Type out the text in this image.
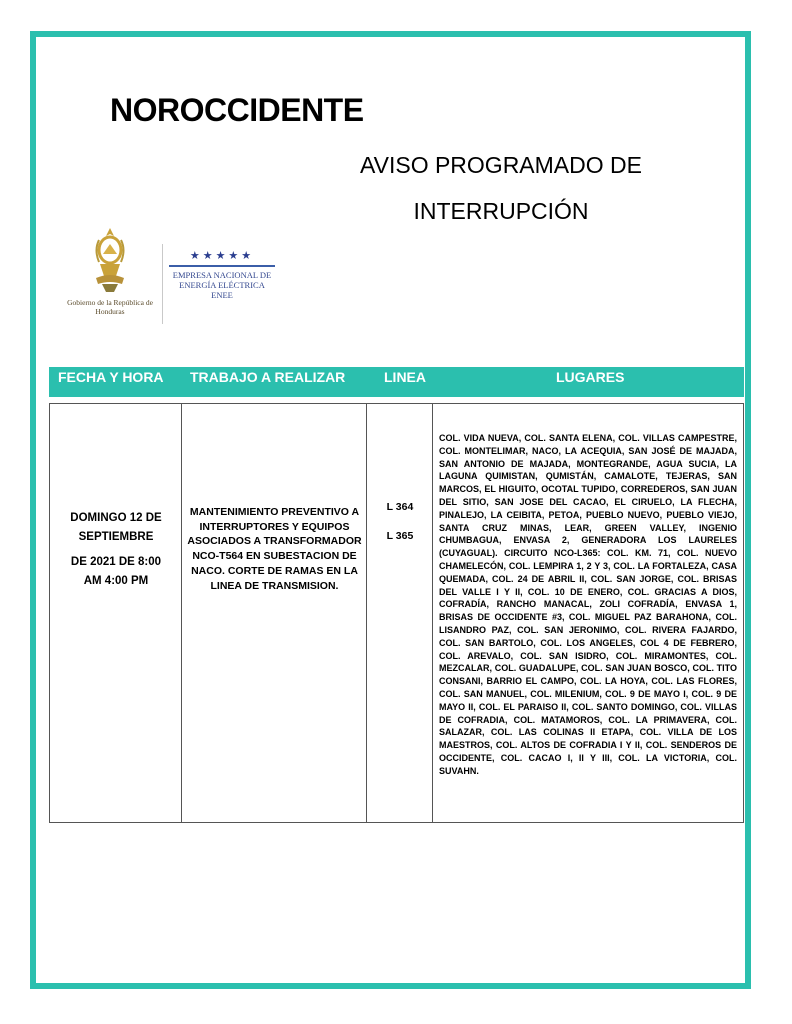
NOROCCIDENTE
AVISO PROGRAMADO DE INTERRUPCIÓN
Gobierno de la República de Honduras
★★★★★
EMPRESA NACIONAL DE
ENERGÍA ELÉCTRICA
ENEE
FECHA Y HORA TRABAJO A REALIZAR	LINEA	LUGARES
DOMINGO 12 DE
SEPTIEMBRE
DE 2021 DE 8:00
AM 4:00 PM
MANTENIMIENTO PREVENTIVO A INTERRUPTORES Y EQUIPOS ASOCIADOS A TRANSFORMADOR NCO-T564 EN SUBESTACION DE NACO. CORTE DE RAMAS EN LA LINEA DE TRANSMISION.
L 364
L 365
COL. VIDA NUEVA, COL. SANTA ELENA, COL. VILLAS CAMPESTRE, COL. MONTELIMAR, NACO, LA ACEQUIA, SAN JOSÉ DE MAJADA, SAN ANTONIO DE MAJADA, MONTEGRANDE, AGUA SUCIA, LA LAGUNA QUIMISTAN, QUMISTÁN, CAMALOTE, TEJERAS, SAN MARCOS, EL HIGUITO, OCOTAL TUPIDO, CORREDEROS, SAN JUAN DEL SITIO, SAN JOSE DEL CACAO, EL CIRUELO, LA FLECHA, PINALEJO, LA CEIBITA, PETOA, PUEBLO NUEVO, PUEBLO VIEJO, SANTA CRUZ MINAS, LEAR, GREEN VALLEY, INGENIO CHUMBAGUA, ENVASA 2, GENERADORA LOS LAURELES (CUYAGUAL). CIRCUITO NCO-L365: COL. KM. 71, COL. NUEVO CHAMELECÓN, COL. LEMPIRA 1, 2 Y 3, COL. LA FORTALEZA, CASA QUEMADA, COL. 24 DE ABRIL II, COL. SAN JORGE, COL. BRISAS DEL VALLE I Y II, COL. 10 DE ENERO, COL. GRACIAS A DIOS, COFRADÍA, RANCHO MANACAL, ZOLI COFRADÍA, ENVASA 1, BRISAS DE OCCIDENTE #3, COL. MIGUEL PAZ BARAHONA, COL. LISANDRO PAZ, COL. SAN JERONIMO, COL. RIVERA FAJARDO, COL. SAN BARTOLO, COL. LOS ANGELES, COL 4 DE FEBRERO, COL. AREVALO, COL. SAN ISIDRO, COL. MIRAMONTES, COL. MEZCALAR, COL. GUADALUPE, COL. SAN JUAN BOSCO, COL. TITO CONSANI, BARRIO EL CAMPO, COL. LA HOYA, COL. LAS FLORES, COL. SAN MANUEL, COL. MILENIUM, COL. 9 DE MAYO I, COL. 9 DE MAYO II, COL. EL PARAISO II, COL. SANTO DOMINGO, COL. VILLAS DE COFRADIA, COL. MATAMOROS, COL. LA PRIMAVERA, COL. SALAZAR, COL. LAS COLINAS II ETAPA, COL. VILLA DE LOS MAESTROS, COL. ALTOS DE COFRADIA I Y II, COL. SENDEROS DE OCCIDENTE, COL. CACAO I, II Y III, COL. LA VICTORIA, COL. SUVAHN.
